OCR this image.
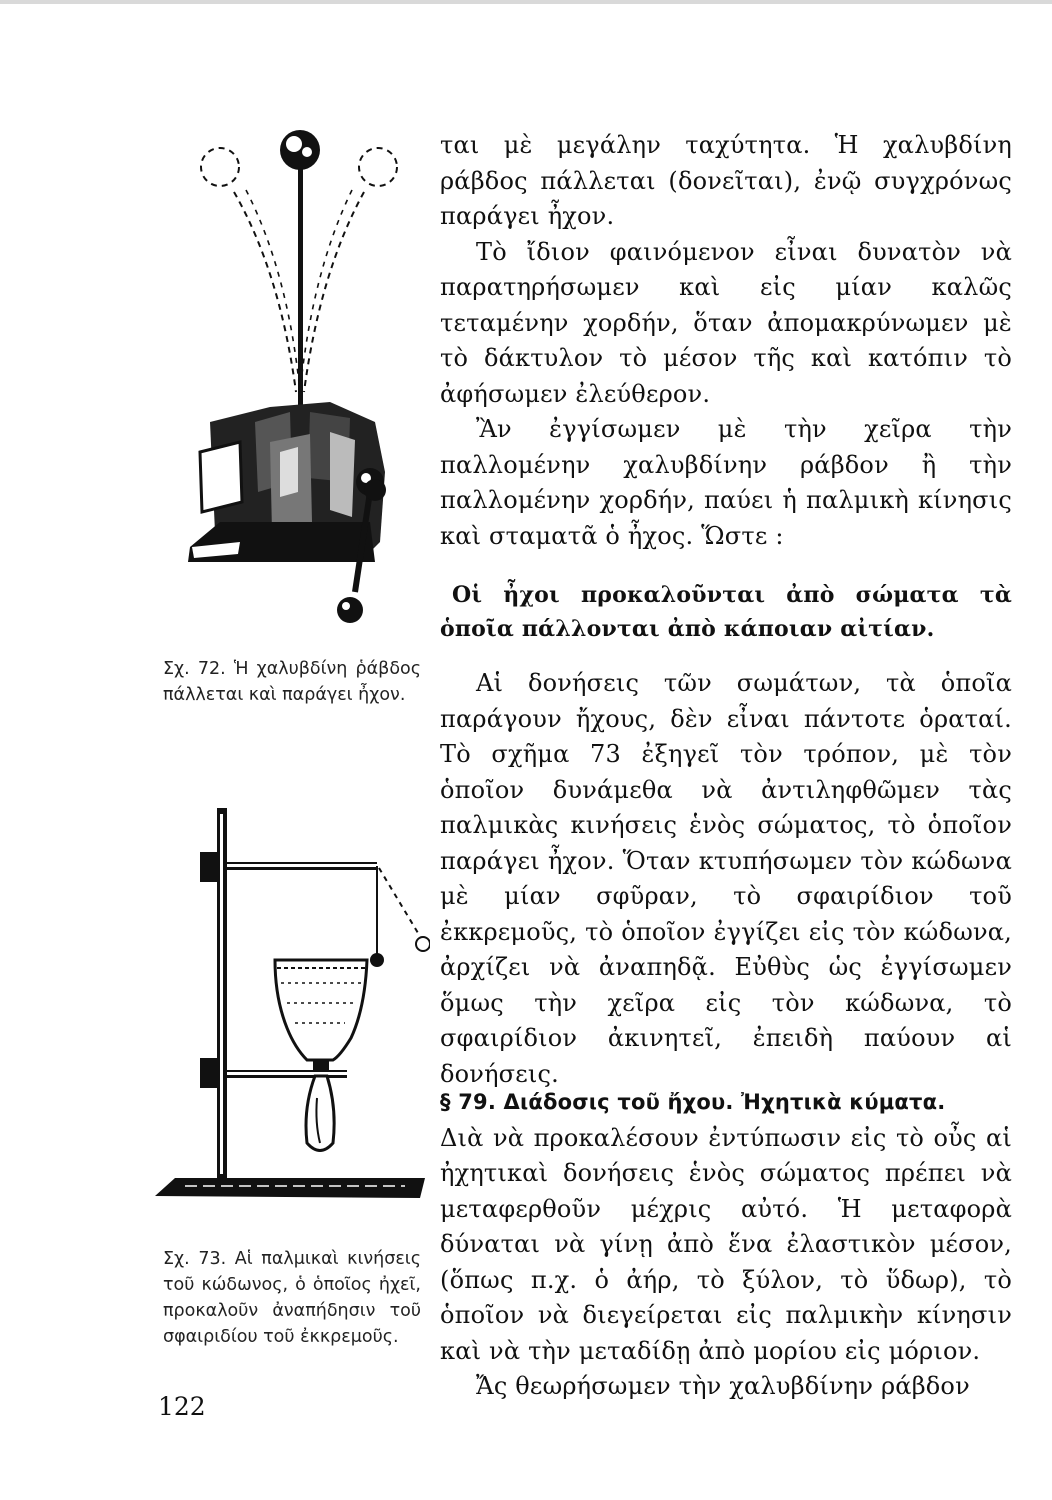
Σχ. 72. Ἡ χαλυβδίνη ῥάβδος πάλλεται καὶ παράγει ἦχον.
Σχ. 73. Αἱ παλμικαὶ κινήσεις τοῦ κώδωνος, ὁ ὁποῖος ἠχεῖ, προκαλοῦν ἀναπήδησιν τοῦ σφαιριδίου τοῦ ἐκκρεμοῦς.
122

ται μὲ μεγάλην ταχύτητα. Ἡ χαλυβδίνη ράβδος πάλλεται (δονεῖται), ἐνῷ συγχρόνως παράγει ἦχον.

Τὸ ἴδιον φαινόμενον εἶναι δυνατὸν νὰ παρατηρήσωμεν καὶ εἰς μίαν καλῶς τεταμένην χορδήν, ὅταν ἀπομακρύνωμεν μὲ τὸ δάκτυλον τὸ μέσον τῆς καὶ κατόπιν τὸ ἀφήσωμεν ἐλεύθερον.

Ἂν ἐγγίσωμεν μὲ τὴν χεῖρα τὴν παλλομένην χαλυβδίνην ράβδον ἢ τὴν παλλομένην χορδήν, παύει ἡ παλμικὴ κίνησις καὶ σταματᾶ ὁ ἦχος. Ὥστε :

Οἱ ἦχοι προκαλοῦνται ἀπὸ σώματα τὰ ὁποῖα πάλλονται ἀπὸ κάποιαν αἰτίαν.

Αἱ δονήσεις τῶν σωμάτων, τὰ ὁποῖα παράγουν ἤχους, δὲν εἶναι πάντοτε ὁραταί. Τὸ σχῆμα 73 ἐξηγεῖ τὸν τρόπον, μὲ τὸν ὁποῖον δυνάμεθα νὰ ἀντιληφθῶμεν τὰς παλμικὰς κινήσεις ἑνὸς σώματος, τὸ ὁποῖον παράγει ἦχον. Ὅταν κτυπήσωμεν τὸν κώδωνα μὲ μίαν σφῦραν, τὸ σφαιρίδιον τοῦ ἐκκρεμοῦς, τὸ ὁποῖον ἐγγίζει εἰς τὸν κώδωνα, ἀρχίζει νὰ ἀναπηδᾷ. Εὐθὺς ὡς ἐγγίσωμεν ὅμως τὴν χεῖρα εἰς τὸν κώδωνα, τὸ σφαιρίδιον ἀκινητεῖ, ἐπειδὴ παύουν αἱ δονήσεις.

§ 79. Διάδοσις τοῦ ἤχου. Ἠχητικὰ κύματα.

Διὰ νὰ προκαλέσουν ἐντύπωσιν εἰς τὸ οὖς αἱ ἠχητικαὶ δονήσεις ἑνὸς σώματος πρέπει νὰ μεταφερθοῦν μέχρις αὐτό. Ἡ μεταφορὰ δύναται νὰ γίνῃ ἀπὸ ἕνα ἐλαστικὸν μέσον, (ὅπως π.χ. ὁ ἀήρ, τὸ ξύλον, τὸ ὕδωρ), τὸ ὁποῖον νὰ διεγείρεται εἰς παλμικὴν κίνησιν καὶ νὰ τὴν μεταδίδῃ ἀπὸ μορίου εἰς μόριον.

Ἄς θεωρήσωμεν τὴν χαλυβδίνην ράβδον
